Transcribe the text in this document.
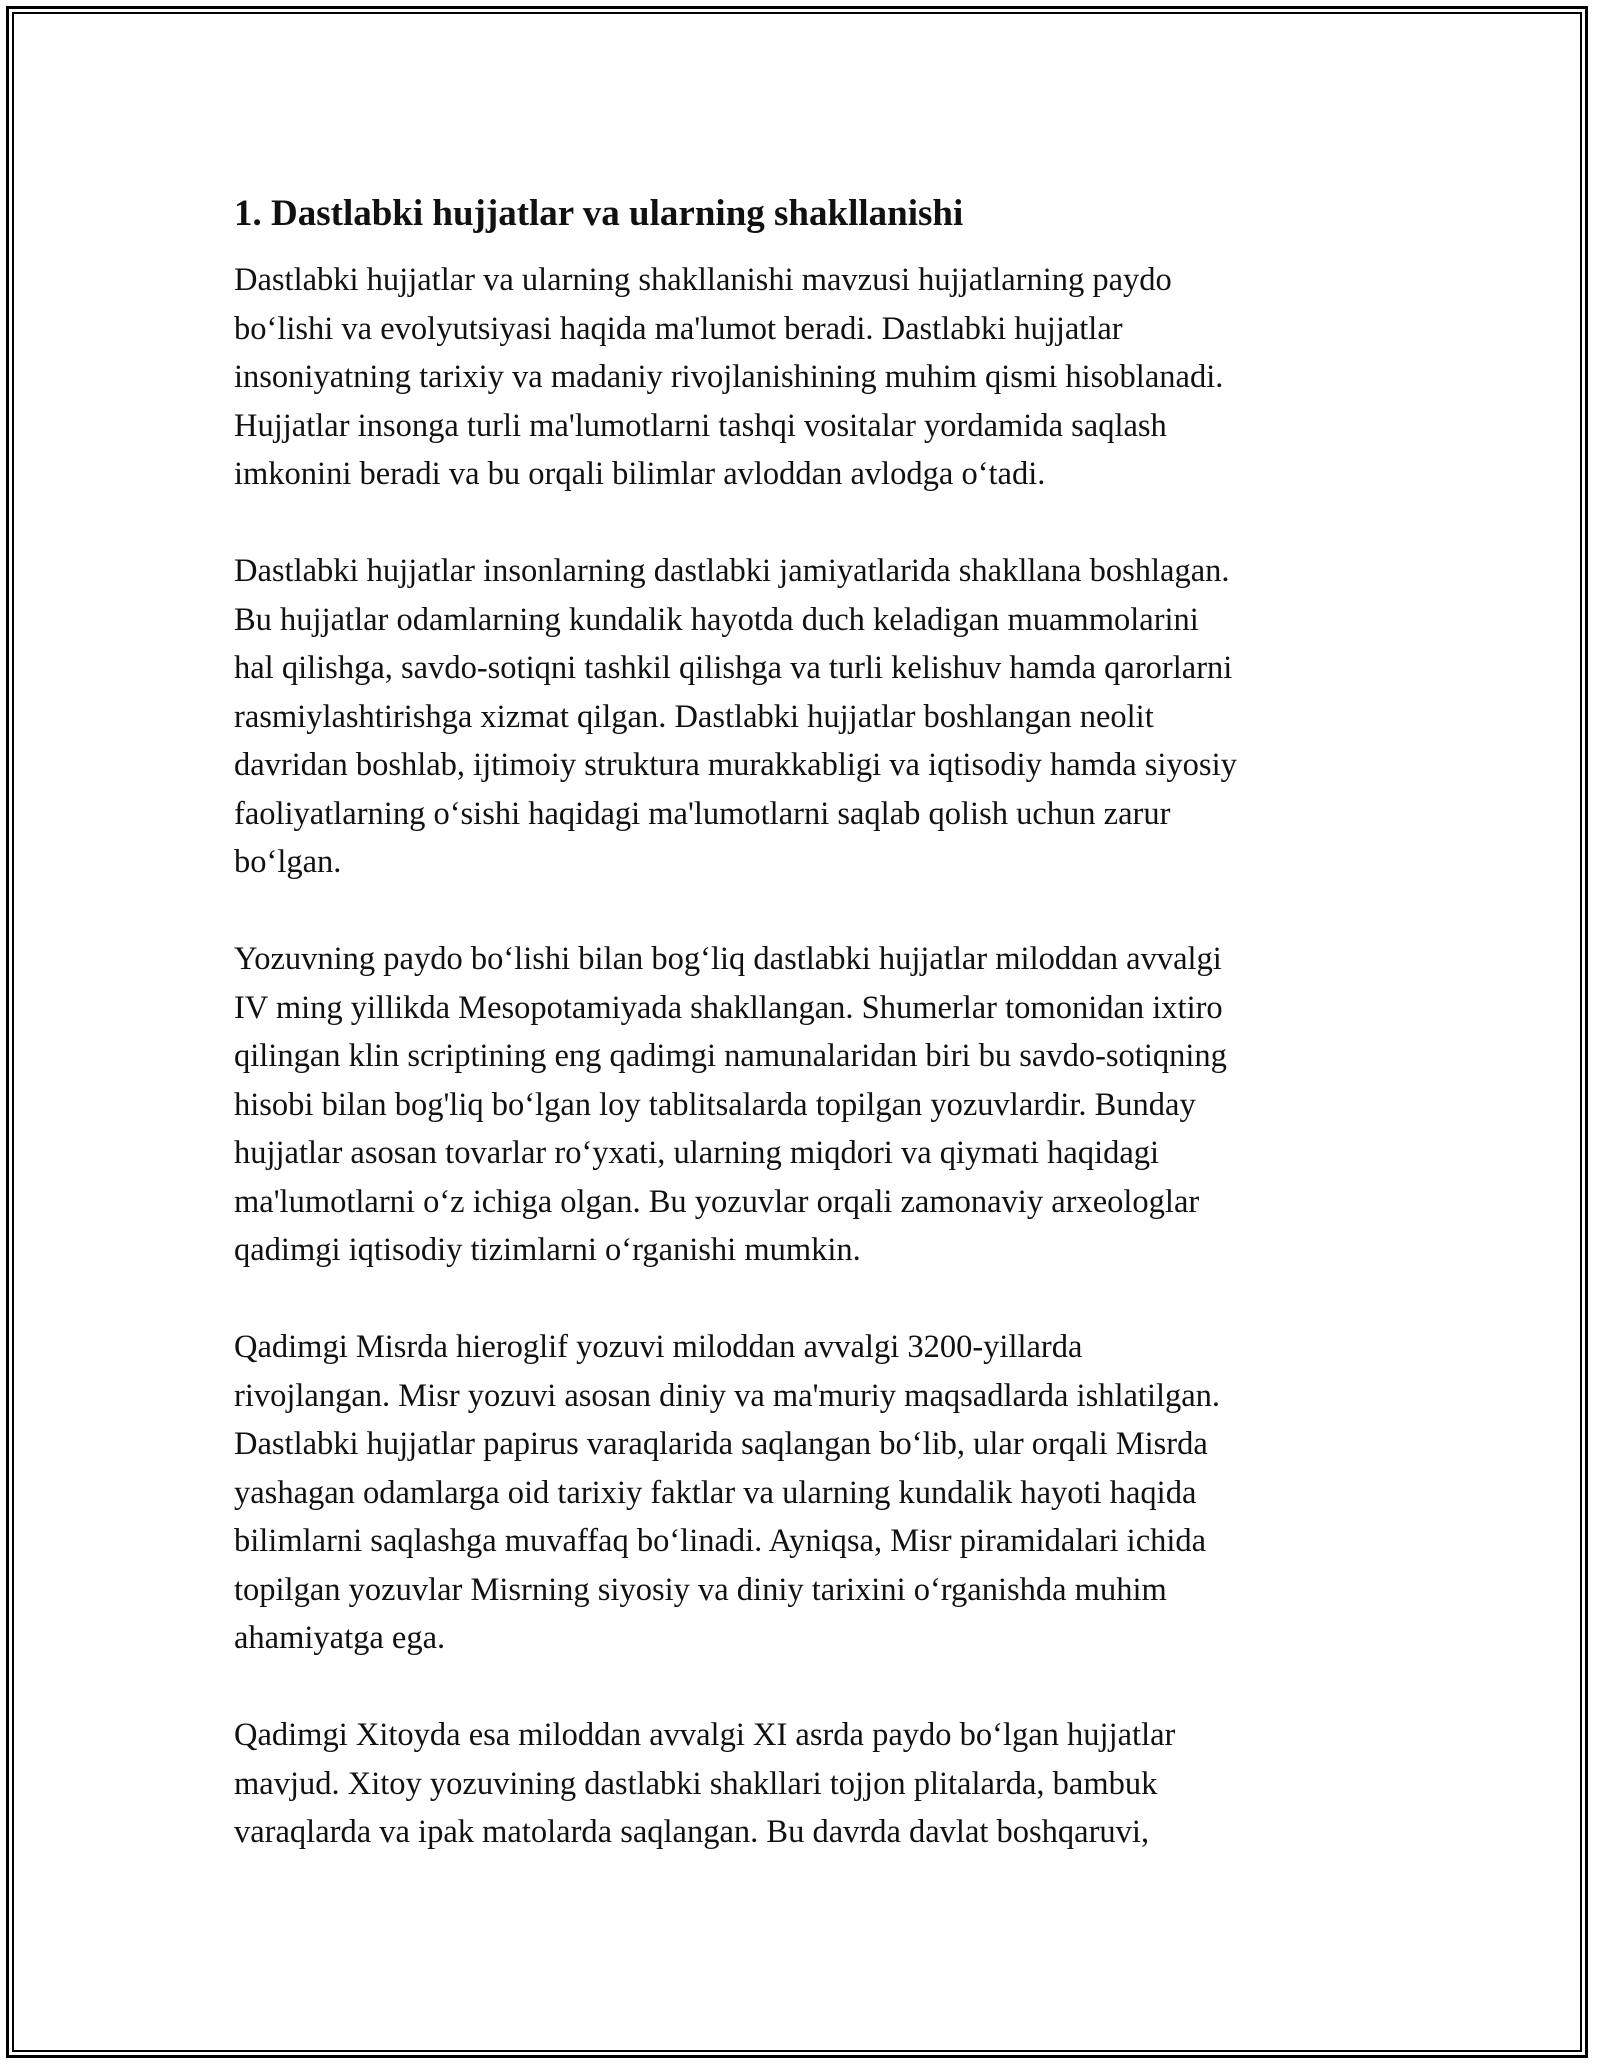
1. Dastlabki hujjatlar va ularning shakllanishi
Dastlabki hujjatlar va ularning shakllanishi mavzusi hujjatlarning paydo
bo‘lishi va evolyutsiyasi haqida ma'lumot beradi. Dastlabki hujjatlar
insoniyatning tarixiy va madaniy rivojlanishining muhim qismi hisoblanadi.
Hujjatlar insonga turli ma'lumotlarni tashqi vositalar yordamida saqlash
imkonini beradi va bu orqali bilimlar avloddan avlodga o‘tadi.
Dastlabki hujjatlar insonlarning dastlabki jamiyatlarida shakllana boshlagan.
Bu hujjatlar odamlarning kundalik hayotda duch keladigan muammolarini
hal qilishga, savdo-sotiqni tashkil qilishga va turli kelishuv hamda qarorlarni
rasmiylashtirishga xizmat qilgan. Dastlabki hujjatlar boshlangan neolit
davridan boshlab, ijtimoiy struktura murakkabligi va iqtisodiy hamda siyosiy
faoliyatlarning o‘sishi haqidagi ma'lumotlarni saqlab qolish uchun zarur
bo‘lgan.
Yozuvning paydo bo‘lishi bilan bog‘liq dastlabki hujjatlar miloddan avvalgi
IV ming yillikda Mesopotamiyada shakllangan. Shumerlar tomonidan ixtiro
qilingan klin scriptining eng qadimgi namunalaridan biri bu savdo-sotiqning
hisobi bilan bog'liq bo‘lgan loy tablitsalarda topilgan yozuvlardir. Bunday
hujjatlar asosan tovarlar ro‘yxati, ularning miqdori va qiymati haqidagi
ma'lumotlarni o‘z ichiga olgan. Bu yozuvlar orqali zamonaviy arxeologlar
qadimgi iqtisodiy tizimlarni o‘rganishi mumkin.
Qadimgi Misrda hieroglif yozuvi miloddan avvalgi 3200-yillarda
rivojlangan. Misr yozuvi asosan diniy va ma'muriy maqsadlarda ishlatilgan.
Dastlabki hujjatlar papirus varaqlarida saqlangan bo‘lib, ular orqali Misrda
yashagan odamlarga oid tarixiy faktlar va ularning kundalik hayoti haqida
bilimlarni saqlashga muvaffaq bo‘linadi. Ayniqsa, Misr piramidalari ichida
topilgan yozuvlar Misrning siyosiy va diniy tarixini o‘rganishda muhim
ahamiyatga ega.
Qadimgi Xitoyda esa miloddan avvalgi XI asrda paydo bo‘lgan hujjatlar
mavjud. Xitoy yozuvining dastlabki shakllari tojjon plitalarda, bambuk
varaqlarda va ipak matolarda saqlangan. Bu davrda davlat boshqaruvi,
